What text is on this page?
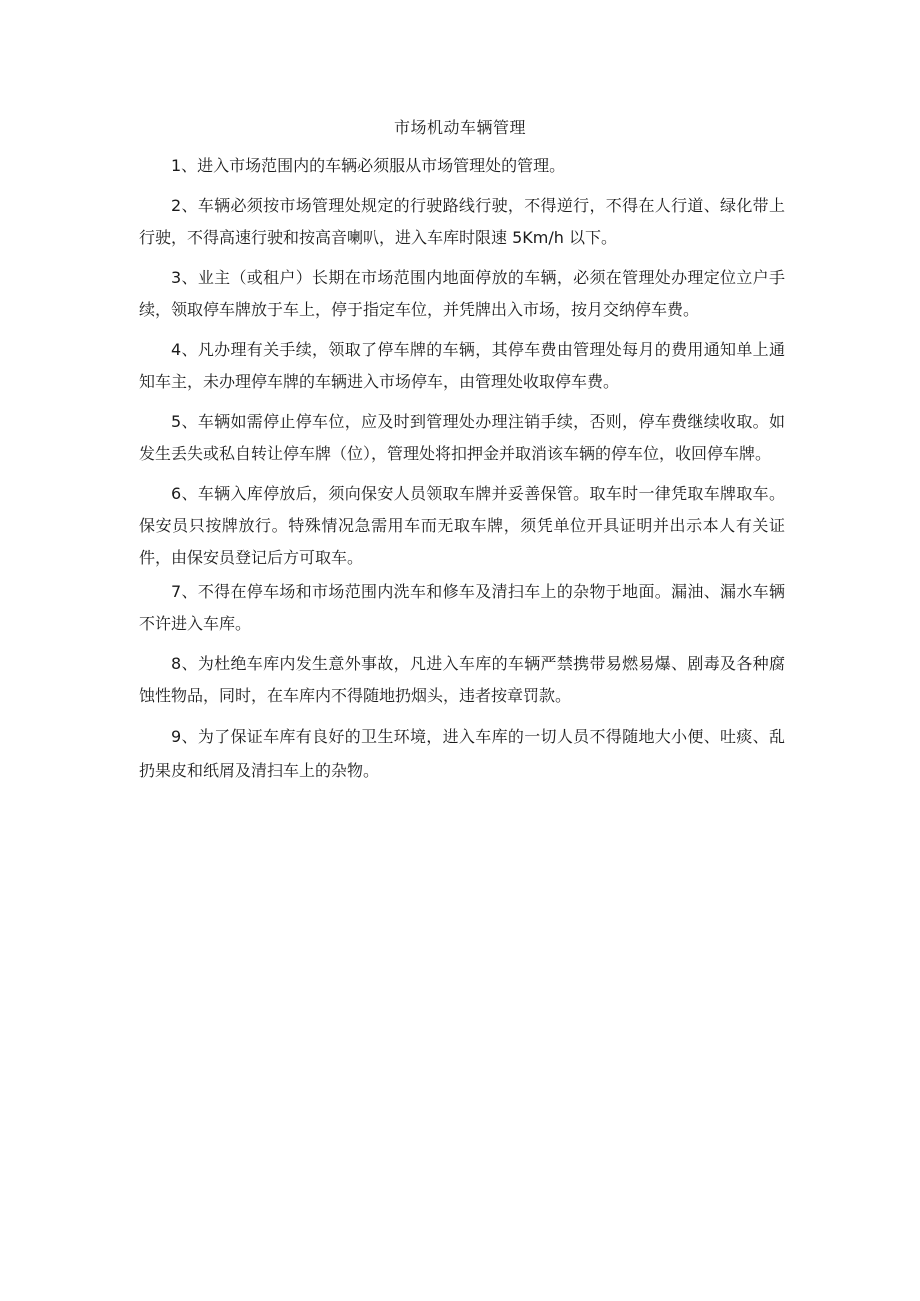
市场机动车辆管理

1、进入市场范围内的车辆必须服从市场管理处的管理。

2、车辆必须按市场管理处规定的行驶路线行驶，不得逆行，不得在人行道、绿化带上行驶，不得高速行驶和按高音喇叭，进入车库时限速 5Km/h 以下。

3、业主（或租户）长期在市场范围内地面停放的车辆，必须在管理处办理定位立户手续，领取停车牌放于车上，停于指定车位，并凭牌出入市场，按月交纳停车费。

4、凡办理有关手续，领取了停车牌的车辆，其停车费由管理处每月的费用通知单上通知车主，未办理停车牌的车辆进入市场停车，由管理处收取停车费。

5、车辆如需停止停车位，应及时到管理处办理注销手续，否则，停车费继续收取。如发生丢失或私自转让停车牌（位），管理处将扣押金并取消该车辆的停车位，收回停车牌。

6、车辆入库停放后，须向保安人员领取车牌并妥善保管。取车时一律凭取车牌取车。保安员只按牌放行。特殊情况急需用车而无取车牌，须凭单位开具证明并出示本人有关证件，由保安员登记后方可取车。

7、不得在停车场和市场范围内洗车和修车及清扫车上的杂物于地面。漏油、漏水车辆不许进入车库。

8、为杜绝车库内发生意外事故，凡进入车库的车辆严禁携带易燃易爆、剧毒及各种腐蚀性物品，同时，在车库内不得随地扔烟头，违者按章罚款。

9、为了保证车库有良好的卫生环境，进入车库的一切人员不得随地大小便、吐痰、乱扔果皮和纸屑及清扫车上的杂物。
